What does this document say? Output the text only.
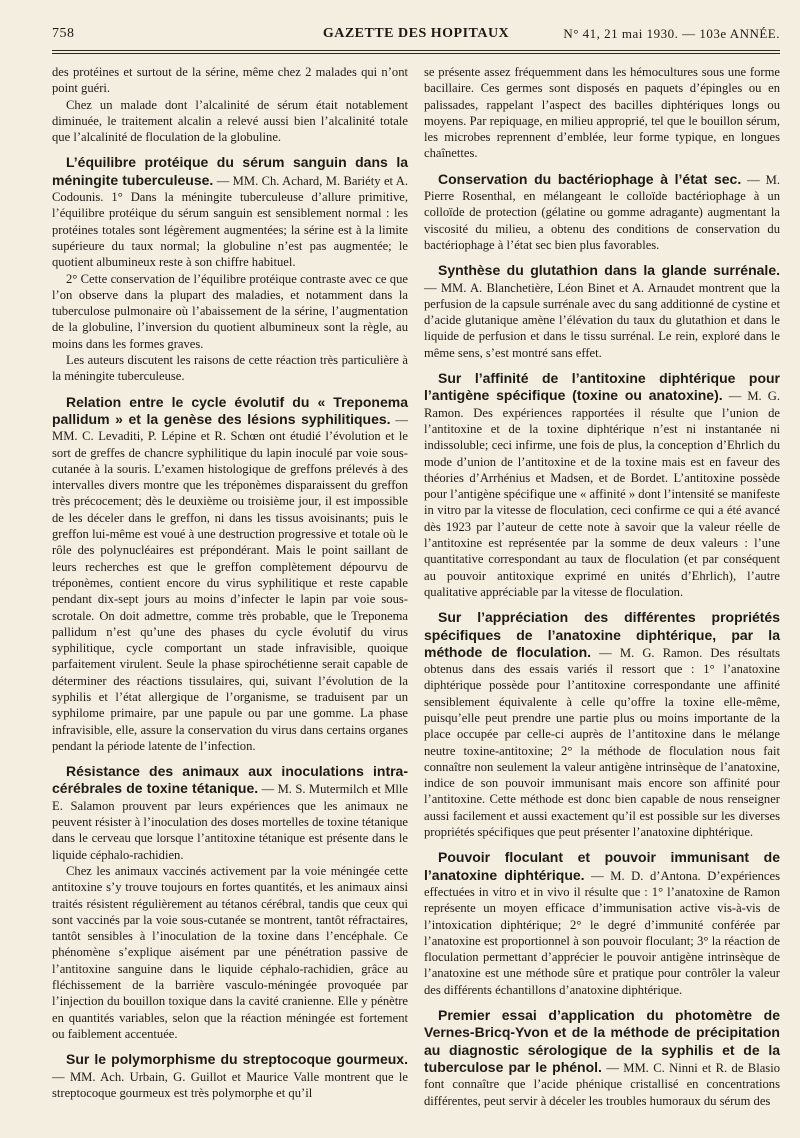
758	GAZETTE DES HOPITAUX	N° 41, 21 mai 1930. — 103e ANNÉE.

des protéines et surtout de la sérine, même chez 2 malades qui n’ont point guéri.

Chez un malade dont l’alcalinité de sérum était notablement diminuée, le traitement alcalin a relevé aussi bien l’alcalinité totale que l’alcalinité de floculation de la globuline.

L’équilibre protéique du sérum sanguin dans la méningite tuberculeuse. — MM. Ch. Achard, M. Bariéty et A. Codounis. 1° Dans la méningite tuberculeuse d’allure primitive, l’équilibre protéique du sérum sanguin est sensiblement normal : les protéines totales sont légèrement augmentées; la sérine est à la limite supérieure du taux normal; la globuline n’est pas augmentée; le quotient albumineux reste à son chiffre habituel.

2° Cette conservation de l’équilibre protéique contraste avec ce que l’on observe dans la plupart des maladies, et notamment dans la tuberculose pulmonaire où l’abaissement de la sérine, l’augmentation de la globuline, l’inversion du quotient albumineux sont la règle, au moins dans les formes graves.

Les auteurs discutent les raisons de cette réaction très particulière à la méningite tuberculeuse.

Relation entre le cycle évolutif du « Treponema pallidum » et la genèse des lésions syphilitiques. — MM. C. Levaditi, P. Lépine et R. Schœn ont étudié l’évolution et le sort de greffes de chancre syphilitique du lapin inoculé par voie sous-cutanée à la souris. L’examen histologique de greffons prélevés à des intervalles divers montre que les tréponèmes disparaissent du greffon très précocement; dès le deuxième ou troisième jour, il est impossible de les déceler dans le greffon, ni dans les tissus avoisinants; puis le greffon lui-même est voué à une destruction progressive et totale où le rôle des polynucléaires est prépondérant. Mais le point saillant de leurs recherches est que le greffon complètement dépourvu de tréponèmes, contient encore du virus syphilitique et reste capable pendant dix-sept jours au moins d’infecter le lapin par voie sous-scrotale. On doit admettre, comme très probable, que le Treponema pallidum n’est qu’une des phases du cycle évolutif du virus syphilitique, cycle comportant un stade infravisible, quoique parfaitement virulent. Seule la phase spirochétienne serait capable de déterminer des réactions tissulaires, qui, suivant l’évolution de la syphilis et l’état allergique de l’organisme, se traduisent par un syphilome primaire, par une papule ou par une gomme. La phase infravisible, elle, assure la conservation du virus dans certains organes pendant la période latente de l’infection.

Résistance des animaux aux inoculations intra-cérébrales de toxine tétanique. — M. S. Mutermilch et Mlle E. Salamon prouvent par leurs expériences que les animaux ne peuvent résister à l’inoculation des doses mortelles de toxine tétanique dans le cerveau que lorsque l’antitoxine tétanique est présente dans le liquide céphalo-rachidien.

Chez les animaux vaccinés activement par la voie méningée cette antitoxine s’y trouve toujours en fortes quantités, et les animaux ainsi traités résistent régulièrement au tétanos cérébral, tandis que ceux qui sont vaccinés par la voie sous-cutanée se montrent, tantôt réfractaires, tantôt sensibles à l’inoculation de la toxine dans l’encéphale. Ce phénomène s’explique aisément par une pénétration passive de l’antitoxine sanguine dans le liquide céphalo-rachidien, grâce au fléchissement de la barrière vasculo-méningée provoquée par l’injection du bouillon toxique dans la cavité cranienne. Elle y pénètre en quantités variables, selon que la réaction méningée est fortement ou faiblement accentuée.

Sur le polymorphisme du streptocoque gourmeux. — MM. Ach. Urbain, G. Guillot et Maurice Valle montrent que le streptocoque gourmeux est très polymorphe et qu’il

se présente assez fréquemment dans les hémocultures sous une forme bacillaire. Ces germes sont disposés en paquets d’épingles ou en palissades, rappelant l’aspect des bacilles diphtériques longs ou moyens. Par repiquage, en milieu approprié, tel que le bouillon sérum, les microbes reprennent d’emblée, leur forme typique, en longues chaînettes.

Conservation du bactériophage à l’état sec. — M. Pierre Rosenthal, en mélangeant le colloïde bactériophage à un colloïde de protection (gélatine ou gomme adragante) augmentant la viscosité du milieu, a obtenu des conditions de conservation du bactériophage à l’état sec bien plus favorables.

Synthèse du glutathion dans la glande surrénale. — MM. A. Blanchetière, Léon Binet et A. Arnaudet montrent que la perfusion de la capsule surrénale avec du sang additionné de cystine et d’acide glutanique amène l’élévation du taux du glutathion et dans le liquide de perfusion et dans le tissu surrénal. Le rein, exploré dans le même sens, s’est montré sans effet.

Sur l’affinité de l’antitoxine diphtérique pour l’antigène spécifique (toxine ou anatoxine). — M. G. Ramon. Des expériences rapportées il résulte que l’union de l’antitoxine et de la toxine diphtérique n’est ni instantanée ni indissoluble; ceci infirme, une fois de plus, la conception d’Ehrlich du mode d’union de l’antitoxine et de la toxine mais est en faveur des théories d’Arrhénius et Madsen, et de Bordet. L’antitoxine possède pour l’antigène spécifique une « affinité » dont l’intensité se manifeste in vitro par la vitesse de floculation, ceci confirme ce qui a été avancé dès 1923 par l’auteur de cette note à savoir que la valeur réelle de l’antitoxine est représentée par la somme de deux valeurs : l’une quantitative correspondant au taux de floculation (et par conséquent au pouvoir antitoxique exprimé en unités d’Ehrlich), l’autre qualitative appréciable par la vitesse de floculation.

Sur l’appréciation des différentes propriétés spécifiques de l’anatoxine diphtérique, par la méthode de floculation. — M. G. Ramon. Des résultats obtenus dans des essais variés il ressort que : 1° l’anatoxine diphtérique possède pour l’antitoxine correspondante une affinité sensiblement équivalente à celle qu’offre la toxine elle-même, puisqu’elle peut prendre une partie plus ou moins importante de la place occupée par celle-ci auprès de l’antitoxine dans le mélange neutre toxine-antitoxine; 2° la méthode de floculation nous fait connaître non seulement la valeur antigène intrinsèque de l’anatoxine, indice de son pouvoir immunisant mais encore son affinité pour l’antitoxine. Cette méthode est donc bien capable de nous renseigner aussi facilement et aussi exactement qu’il est possible sur les diverses propriétés spécifiques que peut présenter l’anatoxine diphtérique.

Pouvoir floculant et pouvoir immunisant de l’anatoxine diphtérique. — M. D. d’Antona. D’expériences effectuées in vitro et in vivo il résulte que : 1° l’anatoxine de Ramon représente un moyen efficace d’immunisation active vis-à-vis de l’intoxication diphtérique; 2° le degré d’immunité conférée par l’anatoxine est proportionnel à son pouvoir floculant; 3° la réaction de floculation permettant d’apprécier le pouvoir antigène intrinsèque de l’anatoxine est une méthode sûre et pratique pour contrôler la valeur des différents échantillons d’anatoxine diphtérique.

Premier essai d’application du photomètre de Vernes-Bricq-Yvon et de la méthode de précipitation au diagnostic sérologique de la syphilis et de la tuberculose par le phénol. — MM. C. Ninni et R. de Blasio font connaître que l’acide phénique cristallisé en concentrations différentes, peut servir à déceler les troubles humoraux du sérum des
